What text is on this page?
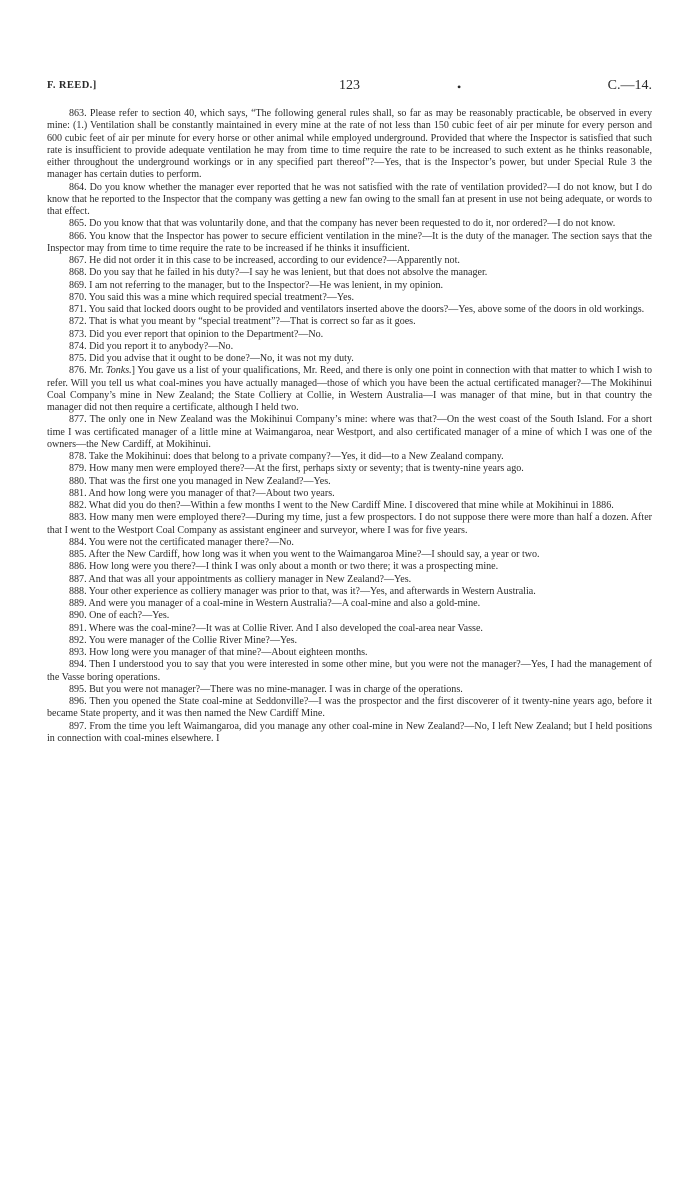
F. REED.]	123	•	C.—14.

863. Please refer to section 40, which says, “The following general rules shall, so far as may be reasonably practicable, be observed in every mine: (1.) Ventilation shall be constantly maintained in every mine at the rate of not less than 150 cubic feet of air per minute for every person and 600 cubic feet of air per minute for every horse or other animal while employed underground. Provided that where the Inspector is satisfied that such rate is insufficient to provide adequate ventilation he may from time to time require the rate to be increased to such extent as he thinks reasonable, either throughout the underground workings or in any specified part thereof”?—Yes, that is the Inspector’s power, but under Special Rule 3 the manager has certain duties to perform.

864. Do you know whether the manager ever reported that he was not satisfied with the rate of ventilation provided?—I do not know, but I do know that he reported to the Inspector that the company was getting a new fan owing to the small fan at present in use not being adequate, or words to that effect.

865. Do you know that that was voluntarily done, and that the company has never been requested to do it, nor ordered?—I do not know.

866. You know that the Inspector has power to secure efficient ventilation in the mine?—It is the duty of the manager. The section says that the Inspector may from time to time require the rate to be increased if he thinks it insufficient.

867. He did not order it in this case to be increased, according to our evidence?—Apparently not.

868. Do you say that he failed in his duty?—I say he was lenient, but that does not absolve the manager.

869. I am not referring to the manager, but to the Inspector?—He was lenient, in my opinion.

870. You said this was a mine which required special treatment?—Yes.

871. You said that locked doors ought to be provided and ventilators inserted above the doors?—Yes, above some of the doors in old workings.

872. That is what you meant by “special treatment”?—That is correct so far as it goes.

873. Did you ever report that opinion to the Department?—No.

874. Did you report it to anybody?—No.

875. Did you advise that it ought to be done?—No, it was not my duty.

876. Mr. Tonks.] You gave us a list of your qualifications, Mr. Reed, and there is only one point in connection with that matter to which I wish to refer. Will you tell us what coal-mines you have actually managed—those of which you have been the actual certificated manager?—The Mokihinui Coal Company’s mine in New Zealand; the State Colliery at Collie, in Western Australia—I was manager of that mine, but in that country the manager did not then require a certificate, although I held two.

877. The only one in New Zealand was the Mokihinui Company’s mine: where was that?—On the west coast of the South Island. For a short time I was certificated manager of a little mine at Waimangaroa, near Westport, and also certificated manager of a mine of which I was one of the owners—the New Cardiff, at Mokihinui.

878. Take the Mokihinui: does that belong to a private company?—Yes, it did—to a New Zealand company.

879. How many men were employed there?—At the first, perhaps sixty or seventy; that is twenty-nine years ago.

880. That was the first one you managed in New Zealand?—Yes.

881. And how long were you manager of that?—About two years.

882. What did you do then?—Within a few months I went to the New Cardiff Mine. I discovered that mine while at Mokihinui in 1886.

883. How many men were employed there?—During my time, just a few prospectors. I do not suppose there were more than half a dozen. After that I went to the Westport Coal Company as assistant engineer and surveyor, where I was for five years.

884. You were not the certificated manager there?—No.

885. After the New Cardiff, how long was it when you went to the Waimangaroa Mine?—I should say, a year or two.

886. How long were you there?—I think I was only about a month or two there; it was a prospecting mine.

887. And that was all your appointments as colliery manager in New Zealand?—Yes.

888. Your other experience as colliery manager was prior to that, was it?—Yes, and afterwards in Western Australia.

889. And were you manager of a coal-mine in Western Australia?—A coal-mine and also a gold-mine.

890. One of each?—Yes.

891. Where was the coal-mine?—It was at Collie River. And I also developed the coal-area near Vasse.

892. You were manager of the Collie River Mine?—Yes.

893. How long were you manager of that mine?—About eighteen months.

894. Then I understood you to say that you were interested in some other mine, but you were not the manager?—Yes, I had the management of the Vasse boring operations.

895. But you were not manager?—There was no mine-manager. I was in charge of the operations.

896. Then you opened the State coal-mine at Seddonville?—I was the prospector and the first discoverer of it twenty-nine years ago, before it became State property, and it was then named the New Cardiff Mine.

897. From the time you left Waimangaroa, did you manage any other coal-mine in New Zealand?—No, I left New Zealand; but I held positions in connection with coal-mines elsewhere. I
